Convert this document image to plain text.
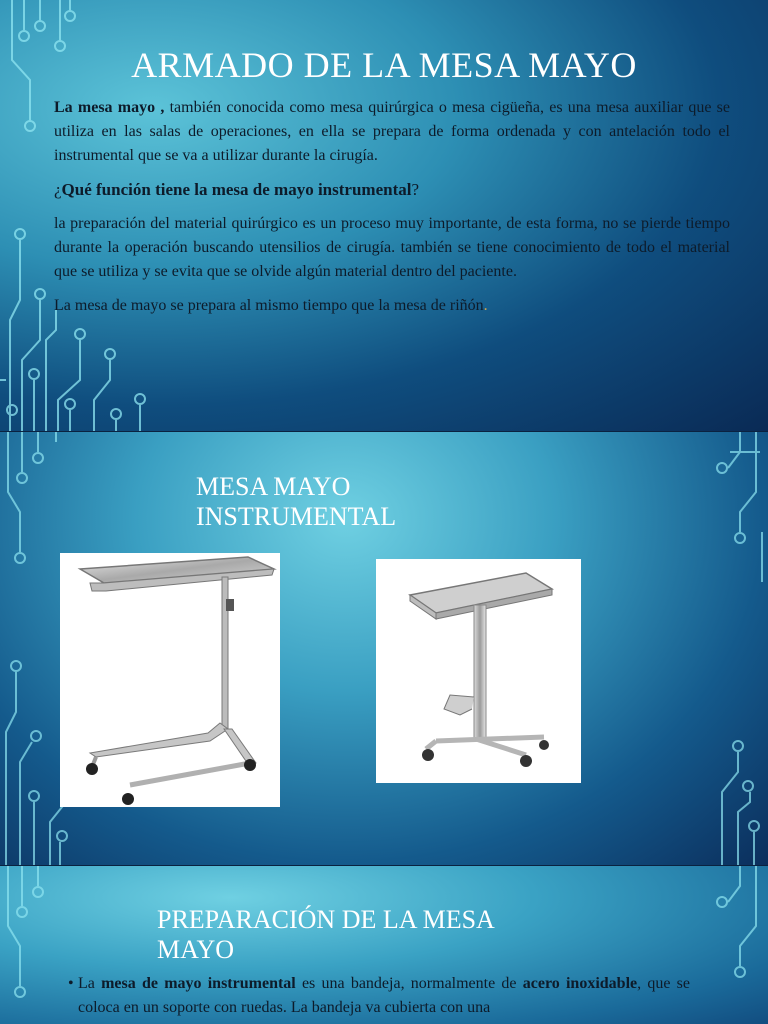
ARMADO DE LA MESA MAYO

La mesa mayo , también conocida como mesa quirúrgica o mesa cigüeña, es una mesa auxiliar que se utiliza en las salas de operaciones, en ella se prepara de forma ordenada y con antelación todo el instrumental que se va a utilizar durante la cirugía.

¿Qué función tiene la mesa de mayo instrumental?

la preparación del material quirúrgico es un proceso muy importante, de esta forma, no se pierde tiempo durante la operación buscando utensilios de cirugía. también se tiene conocimiento de todo el material que se utiliza y se evita que se olvide algún material dentro del paciente.

La mesa de mayo se prepara al mismo tiempo que la mesa de riñón.

MESA MAYO INSTRUMENTAL
PREPARACIÓN DE LA MESA MAYO
• La mesa de mayo instrumental es una bandeja, normalmente de acero inoxidable, que se coloca en un soporte con ruedas. La bandeja va cubierta con una
